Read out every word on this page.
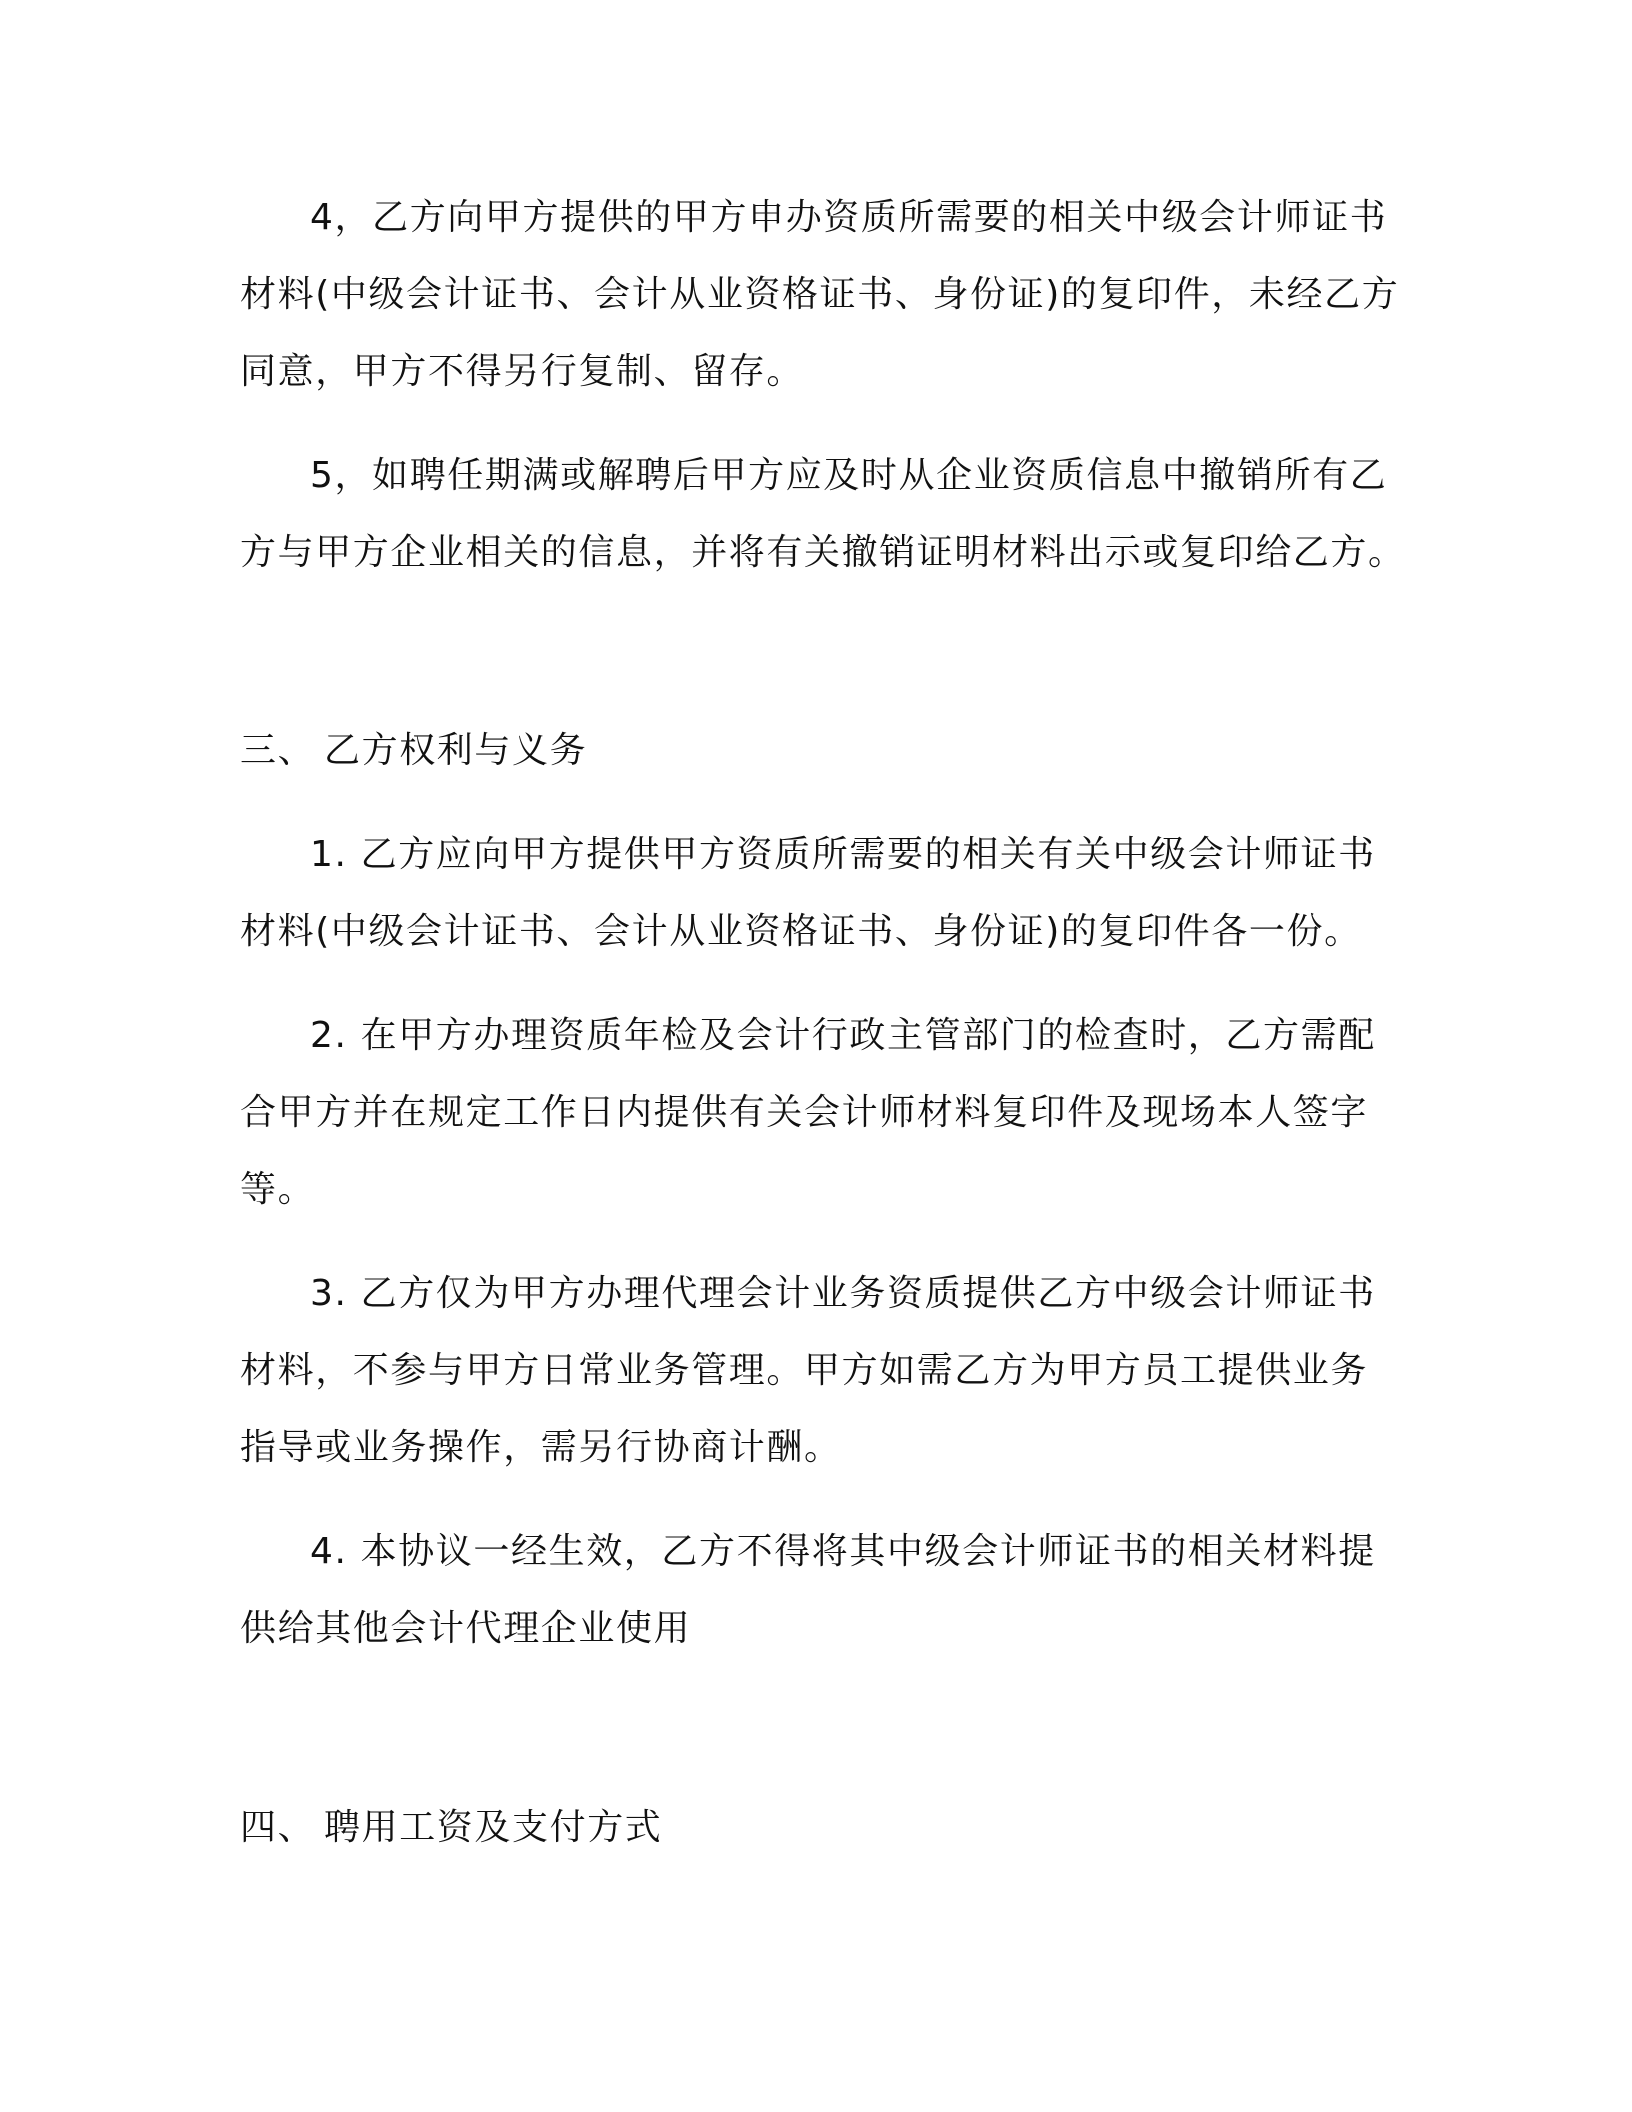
4，乙方向甲方提供的甲方申办资质所需要的相关中级会计师证书
材料(中级会计证书、会计从业资格证书、身份证)的复印件，未经乙方
同意，甲方不得另行复制、留存。
5，如聘任期满或解聘后甲方应及时从企业资质信息中撤销所有乙
方与甲方企业相关的信息，并将有关撤销证明材料出示或复印给乙方。
三、 乙方权利与义务
1. 乙方应向甲方提供甲方资质所需要的相关有关中级会计师证书
材料(中级会计证书、会计从业资格证书、身份证)的复印件各一份。
2. 在甲方办理资质年检及会计行政主管部门的检查时，乙方需配
合甲方并在规定工作日内提供有关会计师材料复印件及现场本人签字
等。
3. 乙方仅为甲方办理代理会计业务资质提供乙方中级会计师证书
材料，不参与甲方日常业务管理。甲方如需乙方为甲方员工提供业务
指导或业务操作，需另行协商计酬。
4. 本协议一经生效，乙方不得将其中级会计师证书的相关材料提
供给其他会计代理企业使用
四、 聘用工资及支付方式
